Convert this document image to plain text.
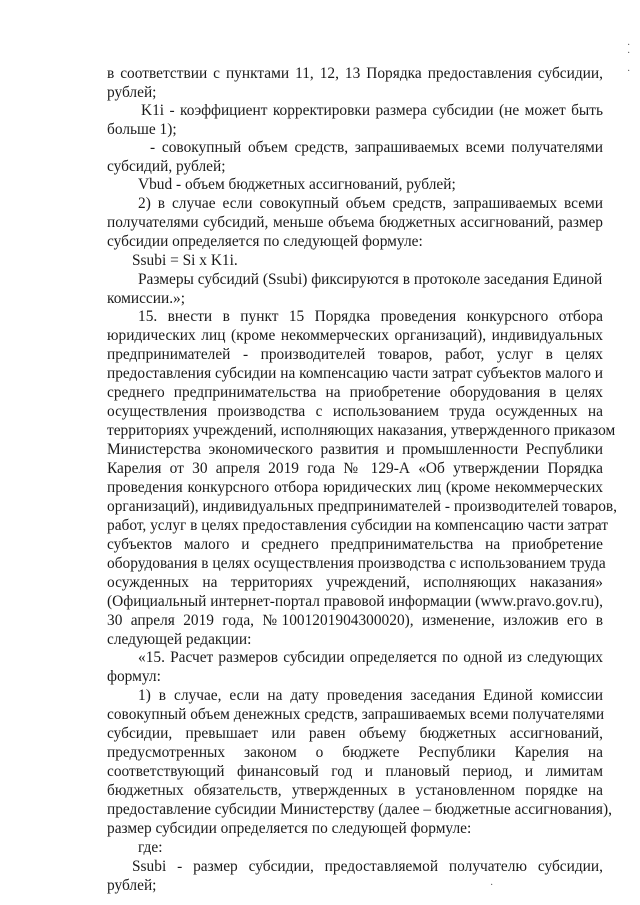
в соответствии с пунктами 11, 12, 13 Порядка предоставления субсидии,
рублей;
K1i - коэффициент корректировки размера субсидии (не может быть
больше 1);
- совокупный объем средств, запрашиваемых всеми получателями
субсидий, рублей;
Vbud - объем бюджетных ассигнований, рублей;
2) в случае если совокупный объем средств, запрашиваемых всеми
получателями субсидий, меньше объема бюджетных ассигнований, размер
субсидии определяется по следующей формуле:
Ssubi = Si x K1i.
Размеры субсидий (Ssubi) фиксируются в протоколе заседания Единой
комиссии.»;
15. внести в пункт 15 Порядка проведения конкурсного отбора
юридических лиц (кроме некоммерческих организаций), индивидуальных
предпринимателей - производителей товаров, работ, услуг в целях
предоставления субсидии на компенсацию части затрат субъектов малого и
среднего предпринимательства на приобретение оборудования в целях
осуществления производства с использованием труда осужденных на
территориях учреждений, исполняющих наказания, утвержденного приказом
Министерства экономического развития и промышленности Республики
Карелия от 30 апреля 2019 года № 129-А «Об утверждении Порядка
проведения конкурсного отбора юридических лиц (кроме некоммерческих
организаций), индивидуальных предпринимателей - производителей товаров,
работ, услуг в целях предоставления субсидии на компенсацию части затрат
субъектов малого и среднего предпринимательства на приобретение
оборудования в целях осуществления производства с использованием труда
осужденных на территориях учреждений, исполняющих наказания»
(Официальный интернет-портал правовой информации (www.pravo.gov.ru),
30 апреля 2019 года, №1001201904300020), изменение, изложив его в
следующей редакции:
«15. Расчет размеров субсидии определяется по одной из следующих
формул:
1) в случае, если на дату проведения заседания Единой комиссии
совокупный объем денежных средств, запрашиваемых всеми получателями
субсидии, превышает или равен объему бюджетных ассигнований,
предусмотренных законом о бюджете Республики Карелия на
соответствующий финансовый год и плановый период, и лимитам
бюджетных обязательств, утвержденных в установленном порядке на
предоставление субсидии Министерству (далее – бюджетные ассигнования),
размер субсидии определяется по следующей формуле:
где:
Ssubi - размер субсидии, предоставляемой получателю субсидии,
рублей;
·
·
·
·
